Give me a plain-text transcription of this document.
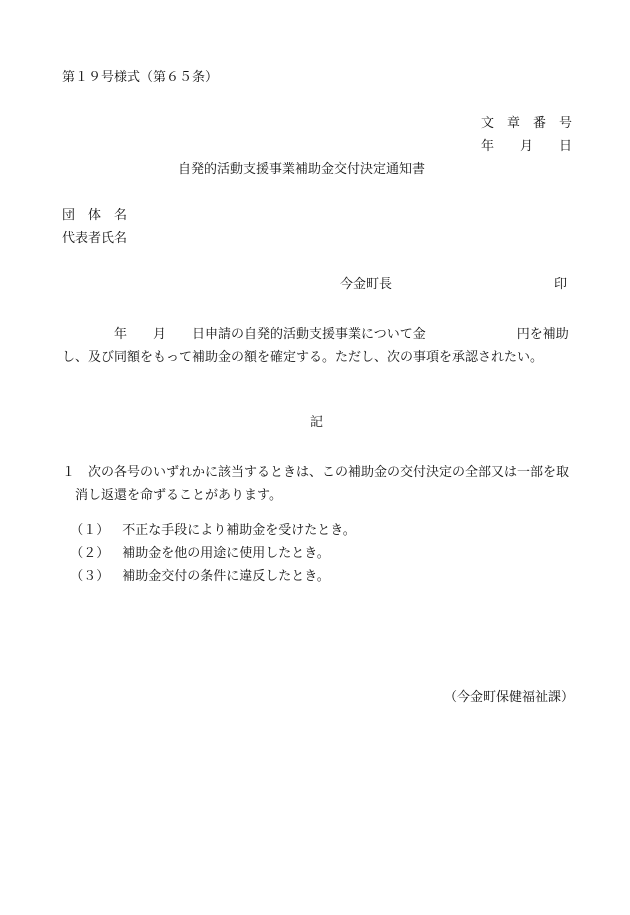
第１９号様式（第６５条）
文　章　番　号
年　　月　　日
自発的活動支援事業補助金交付決定通知書
団　体　名
代表者氏名
今金町長	印
　　　　年　　月　　日申請の自発的活動支援事業について金　　　　　　　円を補助し、及び同額をもって補助金の額を確定する。ただし、次の事項を承認されたい。
記
１　次の各号のいずれかに該当するときは、この補助金の交付決定の全部又は一部を取消し返還を命ずることがあります。

（１） 不正な手段により補助金を受けたとき。

（２） 補助金を他の用途に使用したとき。

（３） 補助金交付の条件に違反したとき。

（今金町保健福祉課）
